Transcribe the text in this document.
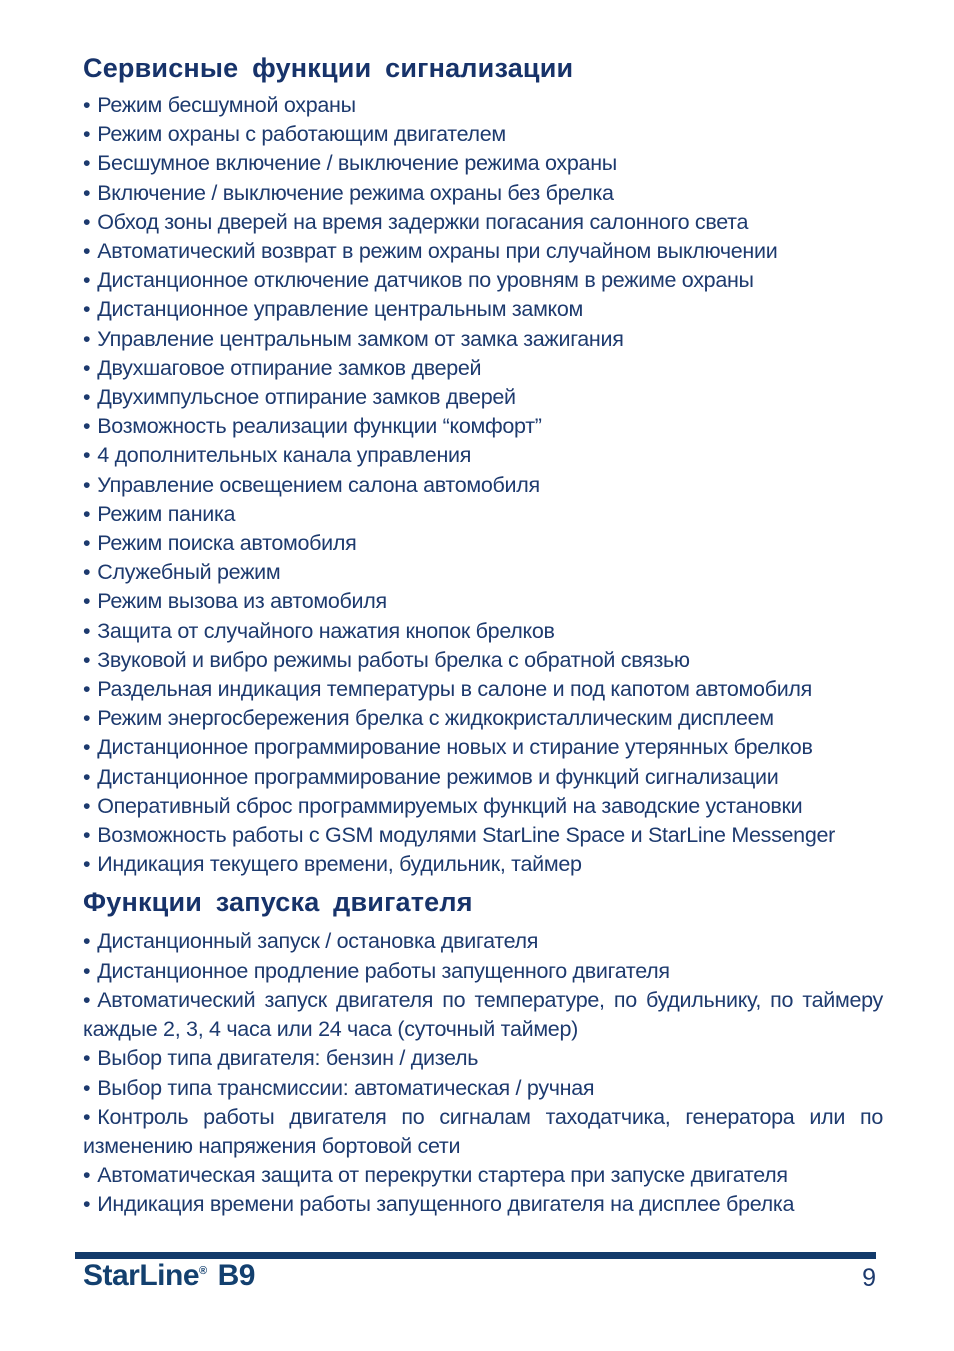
Сервисные функции сигнализации

• Режим бесшумной охраны

• Режим охраны с работающим двигателем

• Бесшумное включение / выключение режима охраны

• Включение / выключение режима охраны без брелка

• Обход зоны дверей на время задержки погасания салонного света

• Автоматический возврат в режим охраны при случайном выключении

• Дистанционное отключение датчиков по уровням в режиме охраны

• Дистанционное управление центральным замком

• Управление центральным замком от замка зажигания

• Двухшаговое отпирание замков дверей

• Двухимпульсное отпирание замков дверей

• Возможность реализации функции “комфорт”

• 4 дополнительных канала управления

• Управление освещением салона автомобиля

• Режим паника

• Режим поиска автомобиля

• Служебный режим

• Режим вызова из автомобиля

• Защита от случайного нажатия кнопок брелков

• Звуковой и вибро режимы работы брелка с обратной связью

• Раздельная индикация температуры в салоне и под капотом автомобиля

• Режим энергосбережения брелка с жидкокристаллическим дисплеем

• Дистанционное программирование новых и стирание утерянных брелков

• Дистанционное программирование режимов и функций сигнализации

• Оперативный сброс программируемых функций на заводские установки

• Возможность работы с GSM модулями StarLine Space и StarLine Messenger

• Индикация текущего времени, будильник, таймер

Функции запуска двигателя

• Дистанционный запуск / остановка двигателя

• Дистанционное продление работы запущенного двигателя

• Автоматический запуск двигателя по температуре, по будильнику, по таймеру каждые 2, 3, 4 часа или 24 часа (суточный таймер)

• Выбор типа двигателя: бензин / дизель

• Выбор типа трансмиссии: автоматическая / ручная

• Контроль работы двигателя по сигналам таходатчика, генератора или по изменению напряжения бортовой сети

• Автоматическая защита от перекрутки стартера при запуске двигателя

• Индикация времени работы запущенного двигателя на дисплее брелка

StarLine® B9	9
